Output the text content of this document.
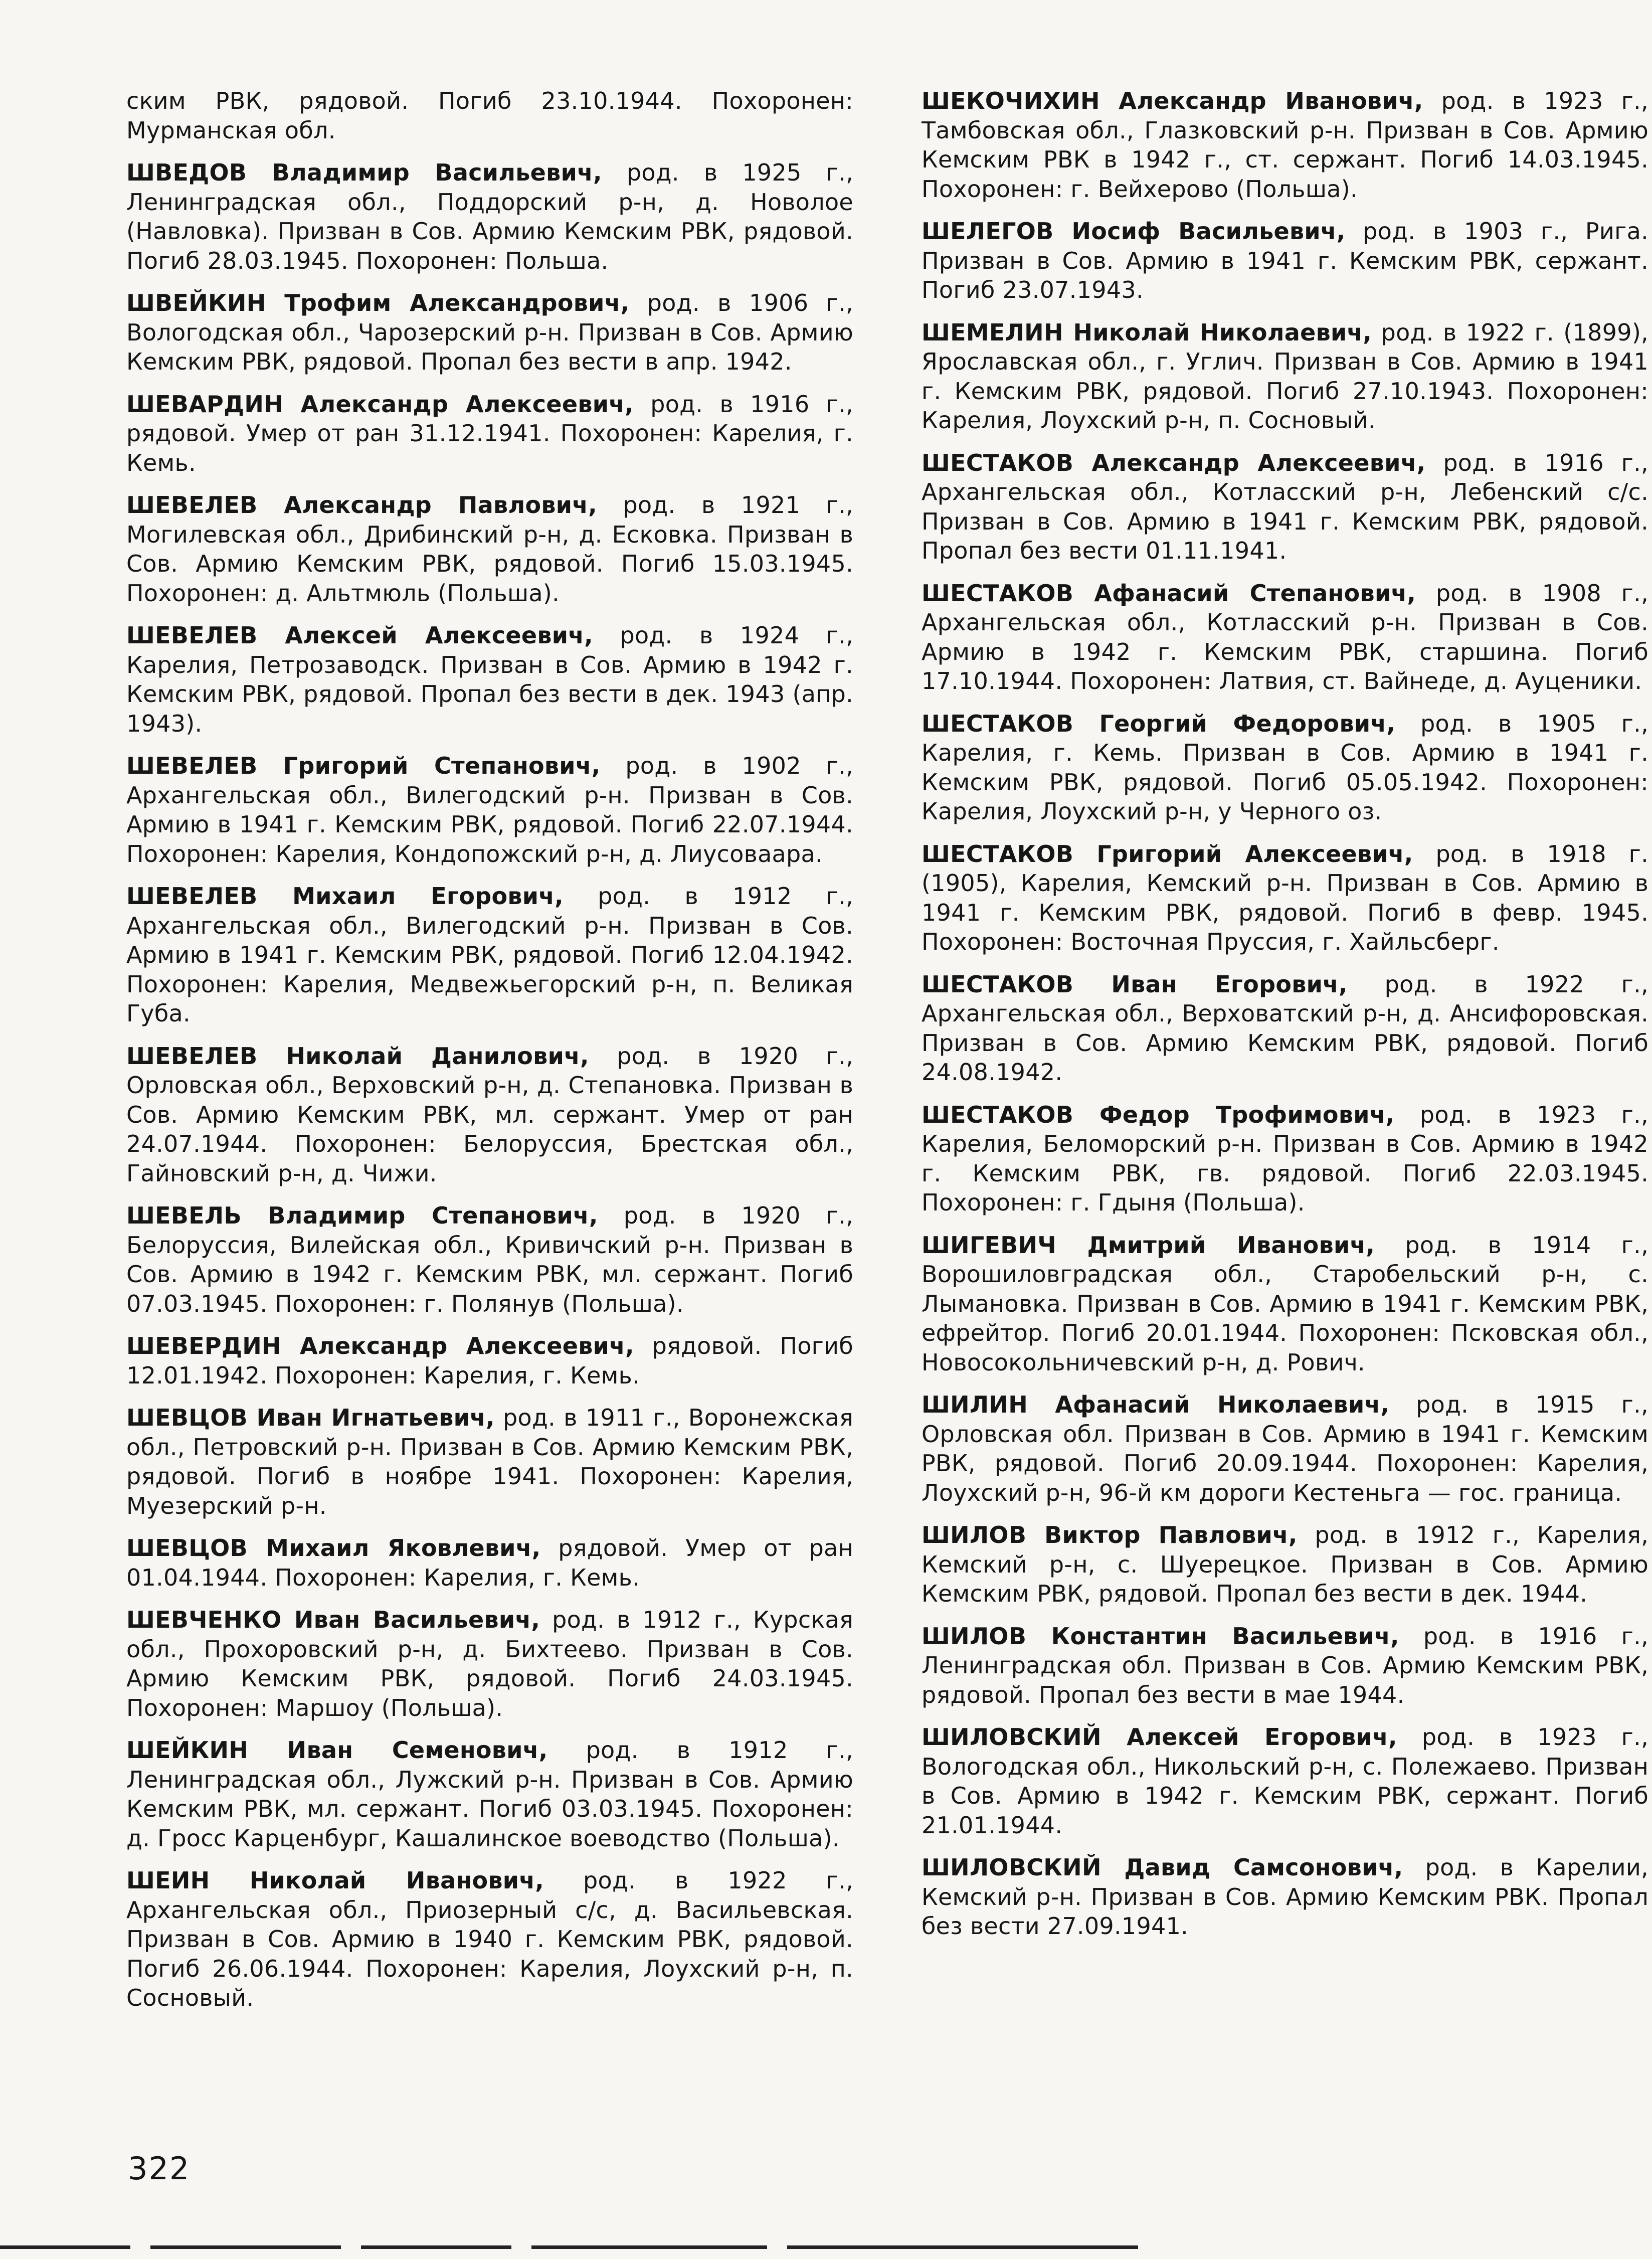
ским РВК, рядовой. Погиб 23.10.1944. Похоронен: Мурманская обл.

ШВЕДОВ Владимир Васильевич, род. в 1925 г., Ленинградская обл., Поддорский р-н, д. Новолое (Навловка). Призван в Сов. Армию Кемским РВК, рядовой. Погиб 28.03.1945. Похоронен: Польша.

ШВЕЙКИН Трофим Александрович, род. в 1906 г., Вологодская обл., Чарозерский р-н. Призван в Сов. Армию Кемским РВК, рядовой. Пропал без вести в апр. 1942.

ШЕВАРДИН Александр Алексеевич, род. в 1916 г., рядовой. Умер от ран 31.12.1941. Похоронен: Карелия, г. Кемь.

ШЕВЕЛЕВ Александр Павлович, род. в 1921 г., Могилевская обл., Дрибинский р-н, д. Есковка. Призван в Сов. Армию Кемским РВК, рядовой. Погиб 15.03.1945. Похоронен: д. Альтмюль (Польша).

ШЕВЕЛЕВ Алексей Алексеевич, род. в 1924 г., Карелия, Петрозаводск. Призван в Сов. Армию в 1942 г. Кемским РВК, рядовой. Пропал без вести в дек. 1943 (апр. 1943).

ШЕВЕЛЕВ Григорий Степанович, род. в 1902 г., Архангельская обл., Вилегодский р-н. Призван в Сов. Армию в 1941 г. Кемским РВК, рядовой. Погиб 22.07.1944. Похоронен: Карелия, Кондопожский р-н, д. Лиусоваара.

ШЕВЕЛЕВ Михаил Егорович, род. в 1912 г., Архангельская обл., Вилегодский р-н. Призван в Сов. Армию в 1941 г. Кемским РВК, рядовой. Погиб 12.04.1942. Похоронен: Карелия, Медвежьегорский р-н, п. Великая Губа.

ШЕВЕЛЕВ Николай Данилович, род. в 1920 г., Орловская обл., Верховский р-н, д. Степановка. Призван в Сов. Армию Кемским РВК, мл. сержант. Умер от ран 24.07.1944. Похоронен: Белоруссия, Брестская обл., Гайновский р-н, д. Чижи.

ШЕВЕЛЬ Владимир Степанович, род. в 1920 г., Белоруссия, Вилейская обл., Кривичский р-н. Призван в Сов. Армию в 1942 г. Кемским РВК, мл. сержант. Погиб 07.03.1945. Похоронен: г. Полянув (Польша).

ШЕВЕРДИН Александр Алексеевич, рядовой. Погиб 12.01.1942. Похоронен: Карелия, г. Кемь.

ШЕВЦОВ Иван Игнатьевич, род. в 1911 г., Воронежская обл., Петровский р-н. Призван в Сов. Армию Кемским РВК, рядовой. Погиб в ноябре 1941. Похоронен: Карелия, Муезерский р-н.

ШЕВЦОВ Михаил Яковлевич, рядовой. Умер от ран 01.04.1944. Похоронен: Карелия, г. Кемь.

ШЕВЧЕНКО Иван Васильевич, род. в 1912 г., Курская обл., Прохоровский р-н, д. Бихтеево. Призван в Сов. Армию Кемским РВК, рядовой. Погиб 24.03.1945. Похоронен: Маршоу (Польша).

ШЕЙКИН Иван Семенович, род. в 1912 г., Ленинградская обл., Лужский р-н. Призван в Сов. Армию Кемским РВК, мл. сержант. Погиб 03.03.1945. Похоронен: д. Гросс Карценбург, Кашалинское воеводство (Польша).

ШЕИН Николай Иванович, род. в 1922 г., Архангельская обл., Приозерный с/с, д. Васильевская. Призван в Сов. Армию в 1940 г. Кемским РВК, рядовой. Погиб 26.06.1944. Похоронен: Карелия, Лоухский р-н, п. Сосновый.

ШЕКОЧИХИН Александр Иванович, род. в 1923 г., Тамбовская обл., Глазковский р-н. Призван в Сов. Армию Кемским РВК в 1942 г., ст. сержант. Погиб 14.03.1945. Похоронен: г. Вейхерово (Польша).

ШЕЛЕГОВ Иосиф Васильевич, род. в 1903 г., Рига. Призван в Сов. Армию в 1941 г. Кемским РВК, сержант. Погиб 23.07.1943.

ШЕМЕЛИН Николай Николаевич, род. в 1922 г. (1899), Ярославская обл., г. Углич. Призван в Сов. Армию в 1941 г. Кемским РВК, рядовой. Погиб 27.10.1943. Похоронен: Карелия, Лоухский р-н, п. Сосновый.

ШЕСТАКОВ Александр Алексеевич, род. в 1916 г., Архангельская обл., Котласский р-н, Лебенский с/с. Призван в Сов. Армию в 1941 г. Кемским РВК, рядовой. Пропал без вести 01.11.1941.

ШЕСТАКОВ Афанасий Степанович, род. в 1908 г., Архангельская обл., Котласский р-н. Призван в Сов. Армию в 1942 г. Кемским РВК, старшина. Погиб 17.10.1944. Похоронен: Латвия, ст. Вайнеде, д. Ауценики.

ШЕСТАКОВ Георгий Федорович, род. в 1905 г., Карелия, г. Кемь. Призван в Сов. Армию в 1941 г. Кемским РВК, рядовой. Погиб 05.05.1942. Похоронен: Карелия, Лоухский р-н, у Черного оз.

ШЕСТАКОВ Григорий Алексеевич, род. в 1918 г. (1905), Карелия, Кемский р-н. Призван в Сов. Армию в 1941 г. Кемским РВК, рядовой. Погиб в февр. 1945. Похоронен: Восточная Пруссия, г. Хайльсберг.

ШЕСТАКОВ Иван Егорович, род. в 1922 г., Архангельская обл., Верховатский р-н, д. Ансифоровская. Призван в Сов. Армию Кемским РВК, рядовой. Погиб 24.08.1942.

ШЕСТАКОВ Федор Трофимович, род. в 1923 г., Карелия, Беломорский р-н. Призван в Сов. Армию в 1942 г. Кемским РВК, гв. рядовой. Погиб 22.03.1945. Похоронен: г. Гдыня (Польша).

ШИГЕВИЧ Дмитрий Иванович, род. в 1914 г., Ворошиловградская обл., Старобельский р-н, с. Лымановка. Призван в Сов. Армию в 1941 г. Кемским РВК, ефрейтор. Погиб 20.01.1944. Похоронен: Псковская обл., Новосокольничевский р-н, д. Рович.

ШИЛИН Афанасий Николаевич, род. в 1915 г., Орловская обл. Призван в Сов. Армию в 1941 г. Кемским РВК, рядовой. Погиб 20.09.1944. Похоронен: Карелия, Лоухский р-н, 96-й км дороги Кестеньга — гос. граница.

ШИЛОВ Виктор Павлович, род. в 1912 г., Карелия, Кемский р-н, с. Шуерецкое. Призван в Сов. Армию Кемским РВК, рядовой. Пропал без вести в дек. 1944.

ШИЛОВ Константин Васильевич, род. в 1916 г., Ленинградская обл. Призван в Сов. Армию Кемским РВК, рядовой. Пропал без вести в мае 1944.

ШИЛОВСКИЙ Алексей Егорович, род. в 1923 г., Вологодская обл., Никольский р-н, с. Полежаево. Призван в Сов. Армию в 1942 г. Кемским РВК, сержант. Погиб 21.01.1944.

ШИЛОВСКИЙ Давид Самсонович, род. в Карелии, Кемский р-н. Призван в Сов. Армию Кемским РВК. Пропал без вести 27.09.1941.

322
